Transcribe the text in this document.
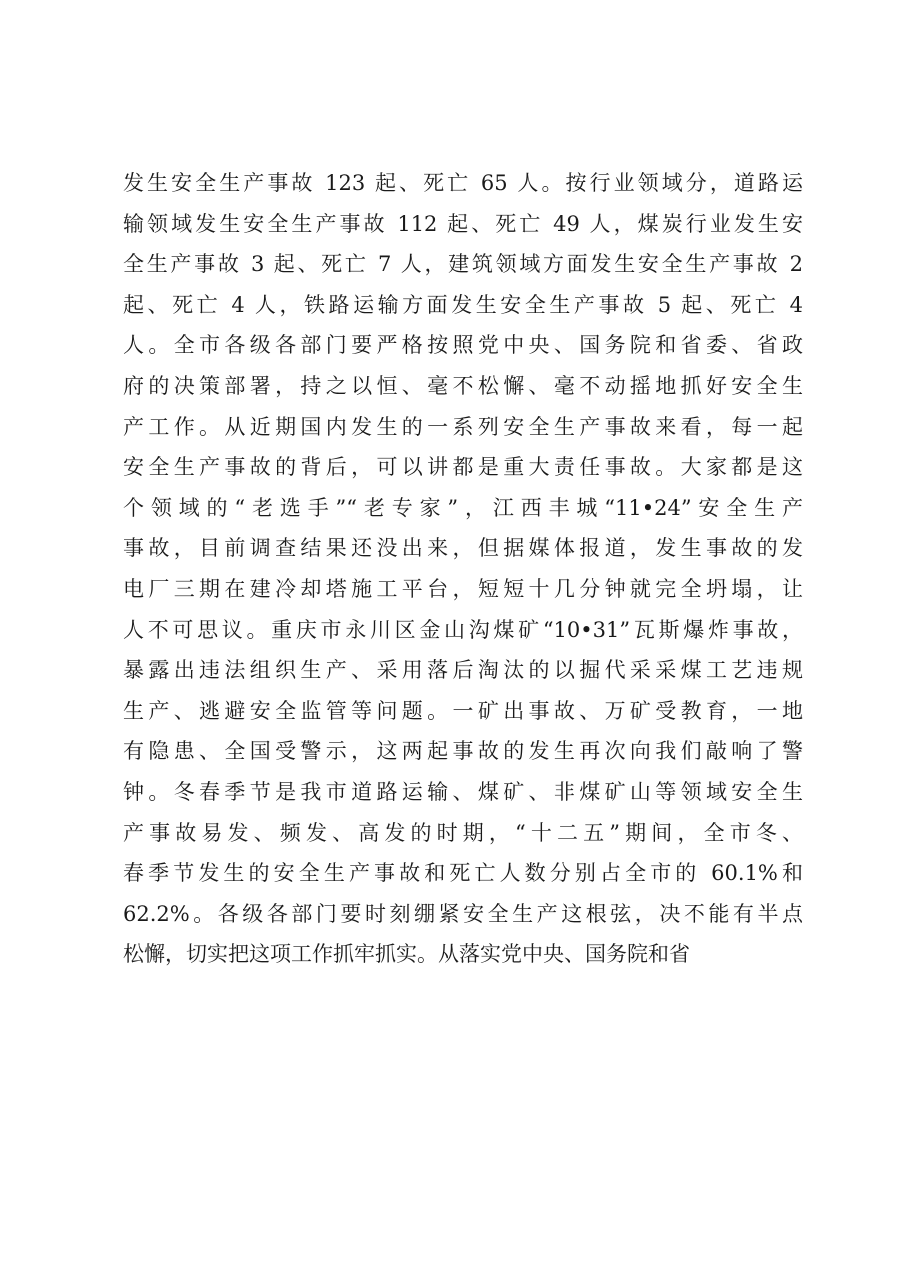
发生安全生产事故 123 起、死亡 65 人。按行业领域分，道路运
输领域发生安全生产事故 112 起、死亡 49 人，煤炭行业发生安
全生产事故 3 起、死亡 7 人，建筑领域方面发生安全生产事故 2
起、死亡 4 人，铁路运输方面发生安全生产事故 5 起、死亡 4
人。全市各级各部门要严格按照党中央、国务院和省委、省政
府的决策部署，持之以恒、毫不松懈、毫不动摇地抓好安全生
产工作。从近期国内发生的一系列安全生产事故来看，每一起
安全生产事故的背后，可以讲都是重大责任事故。大家都是这
个领域的“老选手”“老专家”，江西丰城“11•24”安全生产
事故，目前调查结果还没出来，但据媒体报道，发生事故的发
电厂三期在建冷却塔施工平台，短短十几分钟就完全坍塌，让
人不可思议。重庆市永川区金山沟煤矿“10•31”瓦斯爆炸事故，
暴露出违法组织生产、采用落后淘汰的以掘代采采煤工艺违规
生产、逃避安全监管等问题。一矿出事故、万矿受教育，一地
有隐患、全国受警示，这两起事故的发生再次向我们敲响了警
钟。冬春季节是我市道路运输、煤矿、非煤矿山等领域安全生
产事故易发、频发、高发的时期，“十二五”期间，全市冬、
春季节发生的安全生产事故和死亡人数分别占全市的 60.1%和
62.2%。各级各部门要时刻绷紧安全生产这根弦，决不能有半点
松懈，切实把这项工作抓牢抓实。从落实党中央、国务院和省
